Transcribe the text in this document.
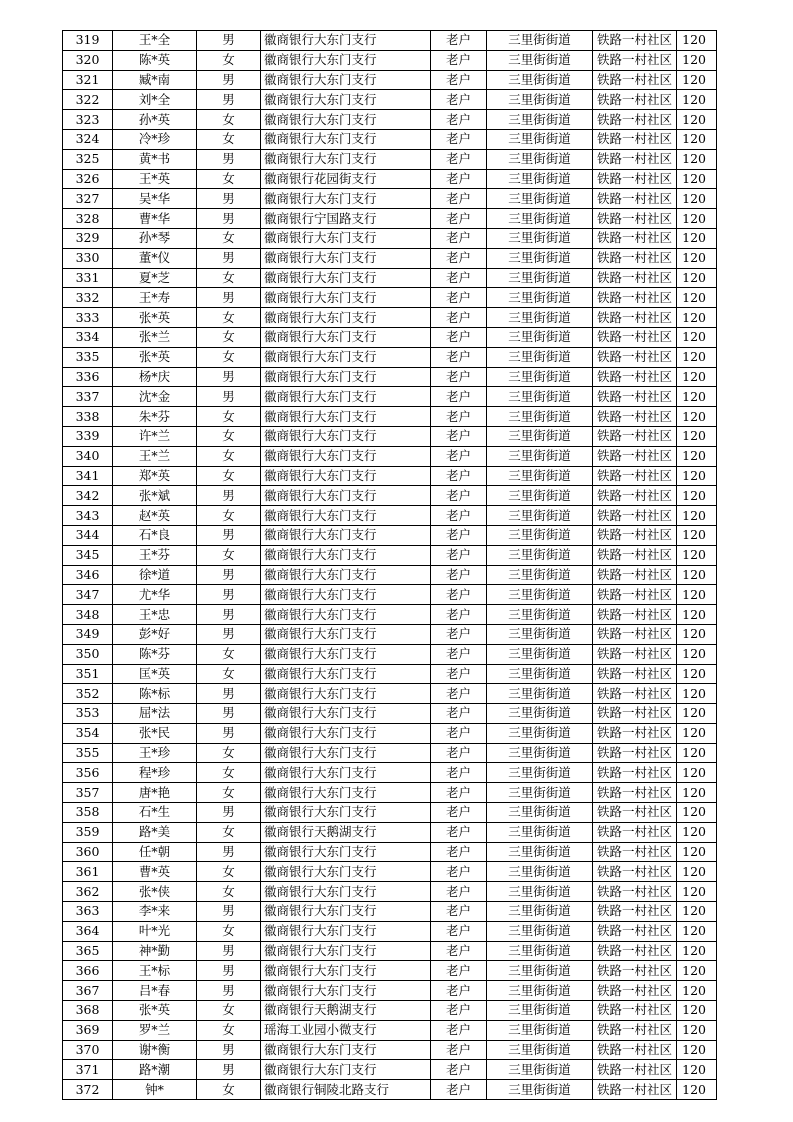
319	王*全	男	徽商银行大东门支行	老户	三里街街道	铁路一村社区	120
320	陈*英	女	徽商银行大东门支行	老户	三里街街道	铁路一村社区	120
321	臧*南	男	徽商银行大东门支行	老户	三里街街道	铁路一村社区	120
322	刘*全	男	徽商银行大东门支行	老户	三里街街道	铁路一村社区	120
323	孙*英	女	徽商银行大东门支行	老户	三里街街道	铁路一村社区	120
324	冷*珍	女	徽商银行大东门支行	老户	三里街街道	铁路一村社区	120
325	黄*书	男	徽商银行大东门支行	老户	三里街街道	铁路一村社区	120
326	王*英	女	徽商银行花园街支行	老户	三里街街道	铁路一村社区	120
327	吴*华	男	徽商银行大东门支行	老户	三里街街道	铁路一村社区	120
328	曹*华	男	徽商银行宁国路支行	老户	三里街街道	铁路一村社区	120
329	孙*琴	女	徽商银行大东门支行	老户	三里街街道	铁路一村社区	120
330	董*仪	男	徽商银行大东门支行	老户	三里街街道	铁路一村社区	120
331	夏*芝	女	徽商银行大东门支行	老户	三里街街道	铁路一村社区	120
332	王*寿	男	徽商银行大东门支行	老户	三里街街道	铁路一村社区	120
333	张*英	女	徽商银行大东门支行	老户	三里街街道	铁路一村社区	120
334	张*兰	女	徽商银行大东门支行	老户	三里街街道	铁路一村社区	120
335	张*英	女	徽商银行大东门支行	老户	三里街街道	铁路一村社区	120
336	杨*庆	男	徽商银行大东门支行	老户	三里街街道	铁路一村社区	120
337	沈*金	男	徽商银行大东门支行	老户	三里街街道	铁路一村社区	120
338	朱*芬	女	徽商银行大东门支行	老户	三里街街道	铁路一村社区	120
339	许*兰	女	徽商银行大东门支行	老户	三里街街道	铁路一村社区	120
340	王*兰	女	徽商银行大东门支行	老户	三里街街道	铁路一村社区	120
341	郑*英	女	徽商银行大东门支行	老户	三里街街道	铁路一村社区	120
342	张*斌	男	徽商银行大东门支行	老户	三里街街道	铁路一村社区	120
343	赵*英	女	徽商银行大东门支行	老户	三里街街道	铁路一村社区	120
344	石*良	男	徽商银行大东门支行	老户	三里街街道	铁路一村社区	120
345	王*芬	女	徽商银行大东门支行	老户	三里街街道	铁路一村社区	120
346	徐*道	男	徽商银行大东门支行	老户	三里街街道	铁路一村社区	120
347	尤*华	男	徽商银行大东门支行	老户	三里街街道	铁路一村社区	120
348	王*忠	男	徽商银行大东门支行	老户	三里街街道	铁路一村社区	120
349	彭*好	男	徽商银行大东门支行	老户	三里街街道	铁路一村社区	120
350	陈*芬	女	徽商银行大东门支行	老户	三里街街道	铁路一村社区	120
351	匡*英	女	徽商银行大东门支行	老户	三里街街道	铁路一村社区	120
352	陈*标	男	徽商银行大东门支行	老户	三里街街道	铁路一村社区	120
353	屈*法	男	徽商银行大东门支行	老户	三里街街道	铁路一村社区	120
354	张*民	男	徽商银行大东门支行	老户	三里街街道	铁路一村社区	120
355	王*珍	女	徽商银行大东门支行	老户	三里街街道	铁路一村社区	120
356	程*珍	女	徽商银行大东门支行	老户	三里街街道	铁路一村社区	120
357	唐*艳	女	徽商银行大东门支行	老户	三里街街道	铁路一村社区	120
358	石*生	男	徽商银行大东门支行	老户	三里街街道	铁路一村社区	120
359	路*美	女	徽商银行天鹅湖支行	老户	三里街街道	铁路一村社区	120
360	任*朝	男	徽商银行大东门支行	老户	三里街街道	铁路一村社区	120
361	曹*英	女	徽商银行大东门支行	老户	三里街街道	铁路一村社区	120
362	张*侠	女	徽商银行大东门支行	老户	三里街街道	铁路一村社区	120
363	李*来	男	徽商银行大东门支行	老户	三里街街道	铁路一村社区	120
364	叶*光	女	徽商银行大东门支行	老户	三里街街道	铁路一村社区	120
365	神*勤	男	徽商银行大东门支行	老户	三里街街道	铁路一村社区	120
366	王*标	男	徽商银行大东门支行	老户	三里街街道	铁路一村社区	120
367	吕*春	男	徽商银行大东门支行	老户	三里街街道	铁路一村社区	120
368	张*英	女	徽商银行天鹅湖支行	老户	三里街街道	铁路一村社区	120
369	罗*兰	女	瑶海工业园小微支行	老户	三里街街道	铁路一村社区	120
370	谢*衡	男	徽商银行大东门支行	老户	三里街街道	铁路一村社区	120
371	路*潮	男	徽商银行大东门支行	老户	三里街街道	铁路一村社区	120
372	钟*	女	徽商银行铜陵北路支行	老户	三里街街道	铁路一村社区	120
